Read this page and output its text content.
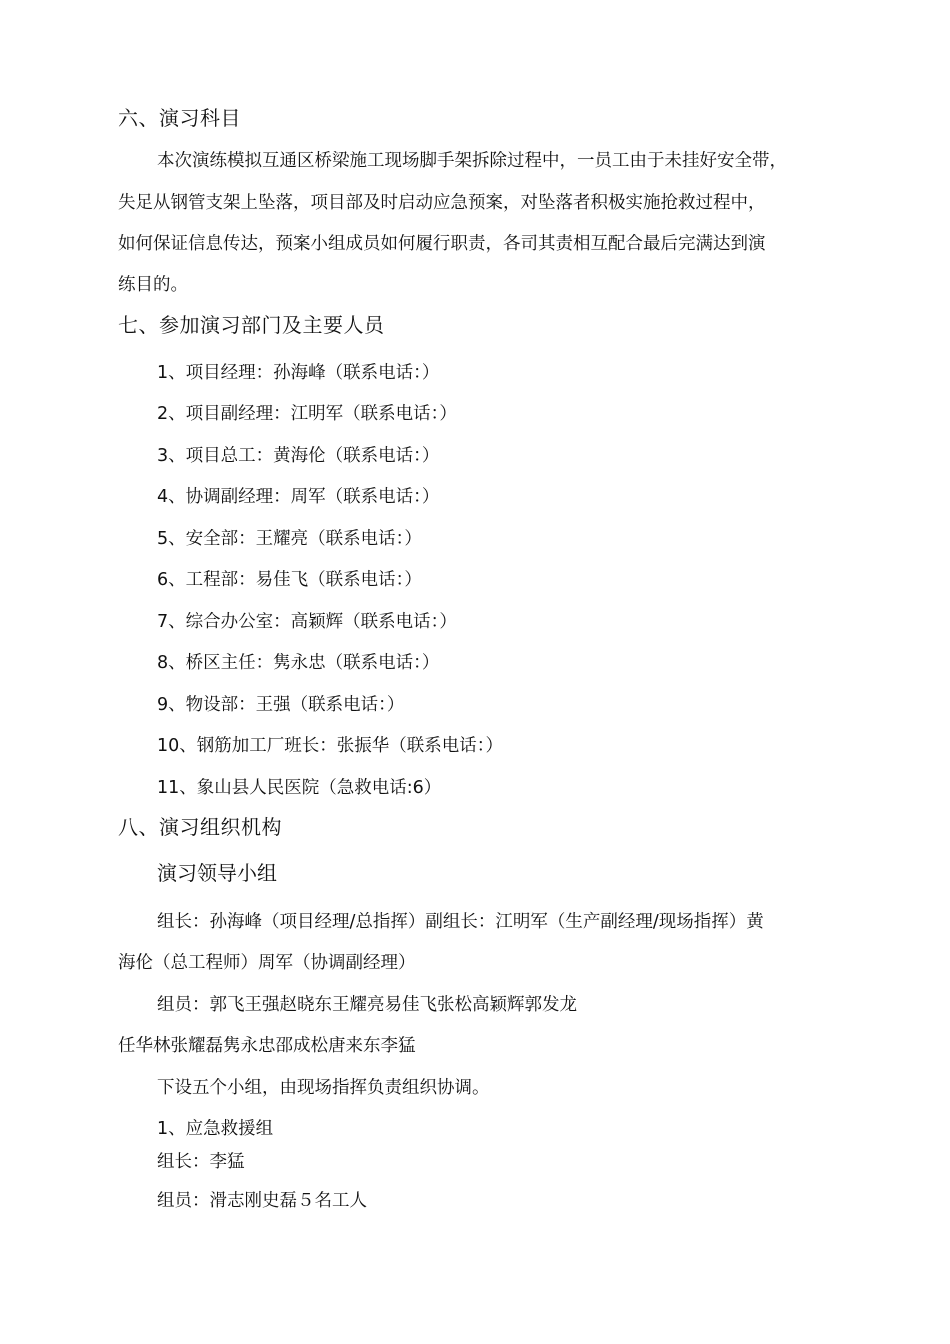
六、演习科目
本次演练模拟互通区桥梁施工现场脚手架拆除过程中，一员工由于未挂好安全带，
失足从钢管支架上坠落，项目部及时启动应急预案，对坠落者积极实施抢救过程中，
如何保证信息传达，预案小组成员如何履行职责，各司其责相互配合最后完满达到演
练目的。
七、参加演习部门及主要人员
1、项目经理：孙海峰（联系电话：）
2、项目副经理：江明军（联系电话：）
3、项目总工：黄海伦（联系电话：）
4、协调副经理：周军（联系电话：）
5、安全部：王耀亮（联系电话：）
6、工程部：易佳飞（联系电话：）
7、综合办公室：高颖辉（联系电话：）
8、桥区主任：隽永忠（联系电话：）
9、物设部：王强（联系电话：）
10、钢筋加工厂班长：张振华（联系电话：）
11、象山县人民医院（急救电话:6）
八、演习组织机构
演习领导小组
组长：孙海峰（项目经理/总指挥）副组长：江明军（生产副经理/现场指挥）黄
海伦（总工程师）周军（协调副经理）
组员：郭飞王强赵晓东王耀亮易佳飞张松高颖辉郭发龙
任华林张耀磊隽永忠邵成松唐来东李猛
下设五个小组，由现场指挥负责组织协调。
1、应急救援组
组长：李猛
组员：滑志刚史磊５名工人
